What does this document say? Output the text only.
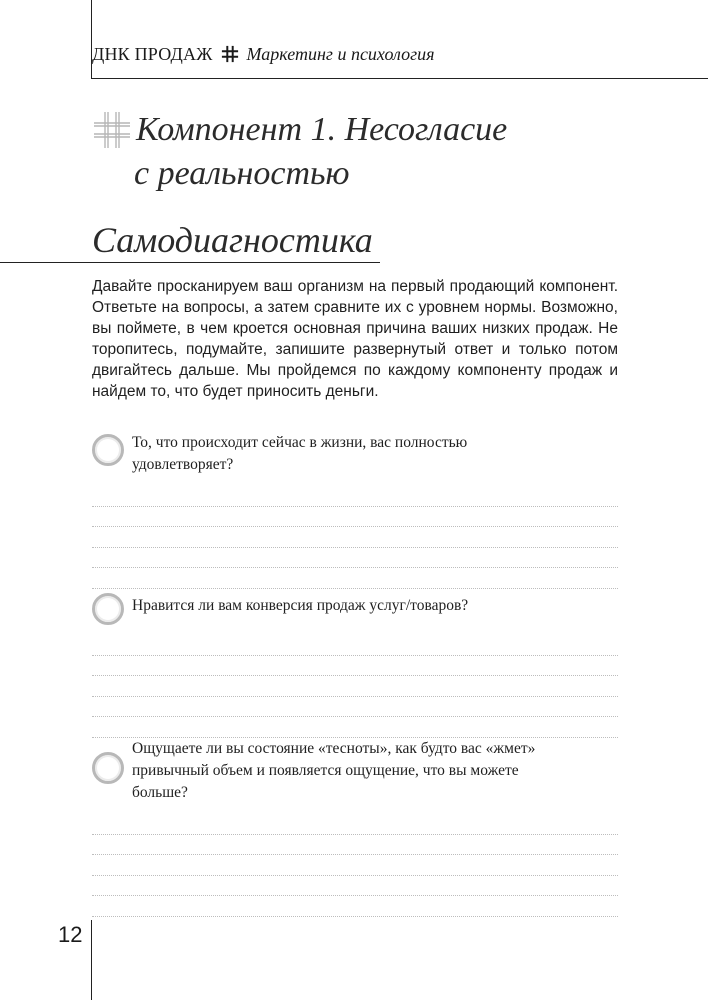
ДНК ПРОДАЖ Маркетинг и психология
Компонент 1. Несогласие
с реальностью
Самодиагностика

Давайте просканируем ваш организм на первый продающий компонент. Ответьте на вопросы, а затем сравните их с уровнем нормы. Возможно, вы поймете, в чем кроется основная причина ваших низких продаж. Не торопитесь, подумайте, запишите развернутый ответ и только потом двигайтесь дальше. Мы пройдемся по каждому компоненту продаж и найдем то, что будет приносить деньги.

То, что происходит сейчас в жизни, вас полностью удовлетворяет?

Нравится ли вам конверсия продаж услуг/товаров?

Ощущаете ли вы состояние «тесноты», как будто вас «жмет» привычный объем и появляется ощущение, что вы можете больше?

12
